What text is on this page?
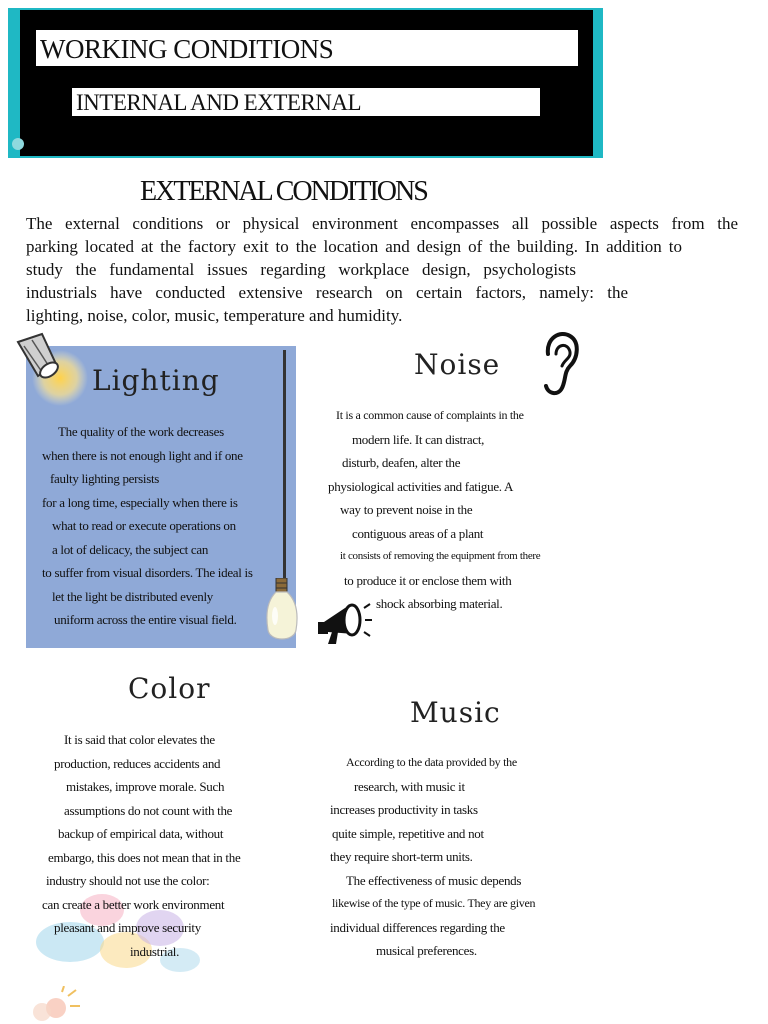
WORKING CONDITIONS
INTERNAL AND EXTERNAL
EXTERNAL CONDITIONS

The external conditions or physical environment encompasses all possible aspects from the
parking located at the factory exit to the location and design of the building. In addition to
study the fundamental issues regarding workplace design, psychologists
industrials have conducted extensive research on certain factors, namely: the
lighting, noise, color, music, temperature and humidity.

Lighting

The quality of the work decreases
when there is not enough light and if one
faulty lighting persists
for a long time, especially when there is
what to read or execute operations on
a lot of delicacy, the subject can
to suffer from visual disorders. The ideal is
let the light be distributed evenly
uniform across the entire visual field.

Noise

It is a common cause of complaints in the
modern life. It can distract,
disturb, deafen, alter the
physiological activities and fatigue. A
way to prevent noise in the
contiguous areas of a plant
it consists of removing the equipment from there
to produce it or enclose them with
shock absorbing material.

Color

It is said that color elevates the
production, reduces accidents and
mistakes, improve morale. Such
assumptions do not count with the
backup of empirical data, without
embargo, this does not mean that in the
industry should not use the color:
can create a better work environment
pleasant and improve security
industrial.

Music

According to the data provided by the
research, with music it
increases productivity in tasks
quite simple, repetitive and not
they require short-term units.
The effectiveness of music depends
likewise of the type of music. They are given
individual differences regarding the
musical preferences.
